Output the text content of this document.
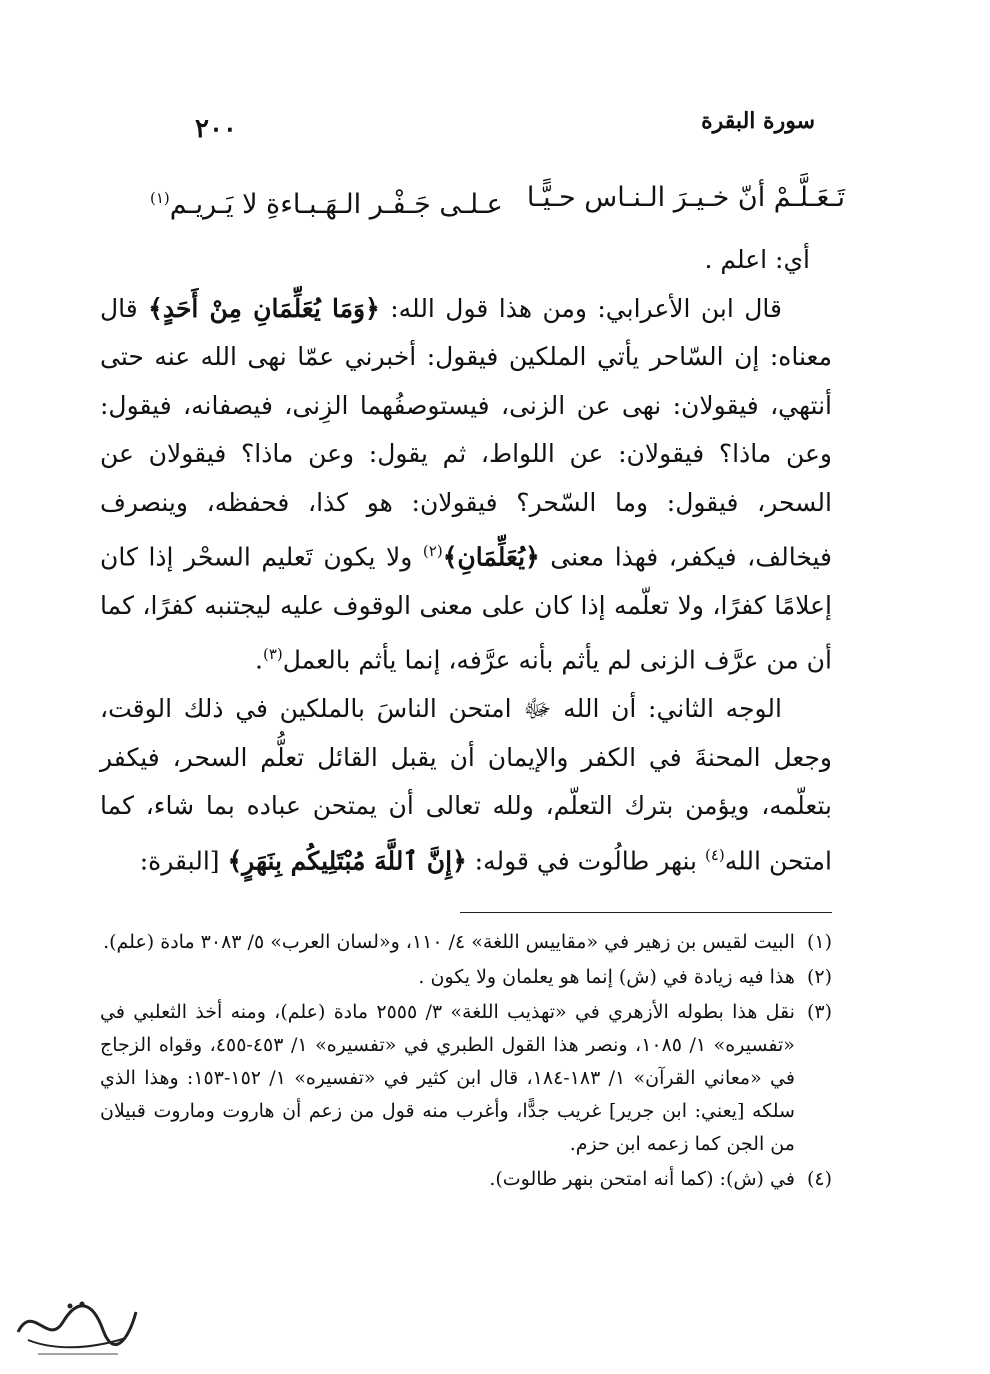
سورة البقرة
٢٠٠
تَـعَـلَّـمْ أنّ خـيـرَ الـنـاس حـيًّـا
عـلـى جَـفْـر الـهَـبـاءةِ لا يَـريـم$^{(١)}$

أي: اعلم .

قال ابن الأعرابي: ومن هذا قول الله: ﴿وَمَا يُعَلِّمَانِ مِنْ أَحَدٍ﴾ قال معناه: إن السّاحر يأتي الملكين فيقول: أخبرني عمّا نهى الله عنه حتى أنتهي، فيقولان: نهى عن الزنى، فيستوصفُهما الزِنى، فيصفانه، فيقول: وعن ماذا؟ فيقولان: عن اللواط، ثم يقول: وعن ماذا؟ فيقولان عن السحر، فيقول: وما السّحر؟ فيقولان: هو كذا، فحفظه، وينصرف فيخالف، فيكفر، فهذا معنى ﴿يُعَلِّمَانِ﴾$^{(٢)}$ ولا يكون تَعليم السحْر إذا كان إعلامًا كفرًا، ولا تعلّمه إذا كان على معنى الوقوف عليه ليجتنبه كفرًا، كما أن من عرَّف الزنى لم يأثم بأنه عرَّفه، إنما يأثم بالعمل$^{(٣)}$.

الوجه الثاني: أن الله ﷻ امتحن الناسَ بالملكين في ذلك الوقت، وجعل المحنةَ في الكفر والإيمان أن يقبل القائل تعلُّم السحر، فيكفر بتعلّمه، ويؤمن بترك التعلّم، ولله تعالى أن يمتحن عباده بما شاء، كما امتحن الله$^{(٤)}$ بنهر طالُوت في قوله: ﴿إِنَّ ٱللَّهَ مُبْتَلِيكُم بِنَهَرٍ﴾ [البقرة:

(١)
البيت لقيس بن زهير في «مقاييس اللغة» ٤/ ١١٠، و«لسان العرب» ٥/ ٣٠٨٣ مادة (علم).
(٢)
هذا فيه زيادة في (ش) إنما هو يعلمان ولا يكون .
(٣)
نقل هذا بطوله الأزهري في «تهذيب اللغة» ٣/ ٢٥٥٥ مادة (علم)، ومنه أخذ الثعلبي في «تفسيره» ١/ ١٠٨٥، ونصر هذا القول الطبري في «تفسيره» ١/ ٤٥٣-٤٥٥، وقواه الزجاج في «معاني القرآن» ١/ ١٨٣-١٨٤، قال ابن كثير في «تفسيره» ١/ ١٥٢-١٥٣: وهذا الذي سلكه [يعني: ابن جرير] غريب جدًّا، وأغرب منه قول من زعم أن هاروت وماروت قبيلان من الجن كما زعمه ابن حزم.
(٤)
في (ش): (كما أنه امتحن بنهر طالوت).
